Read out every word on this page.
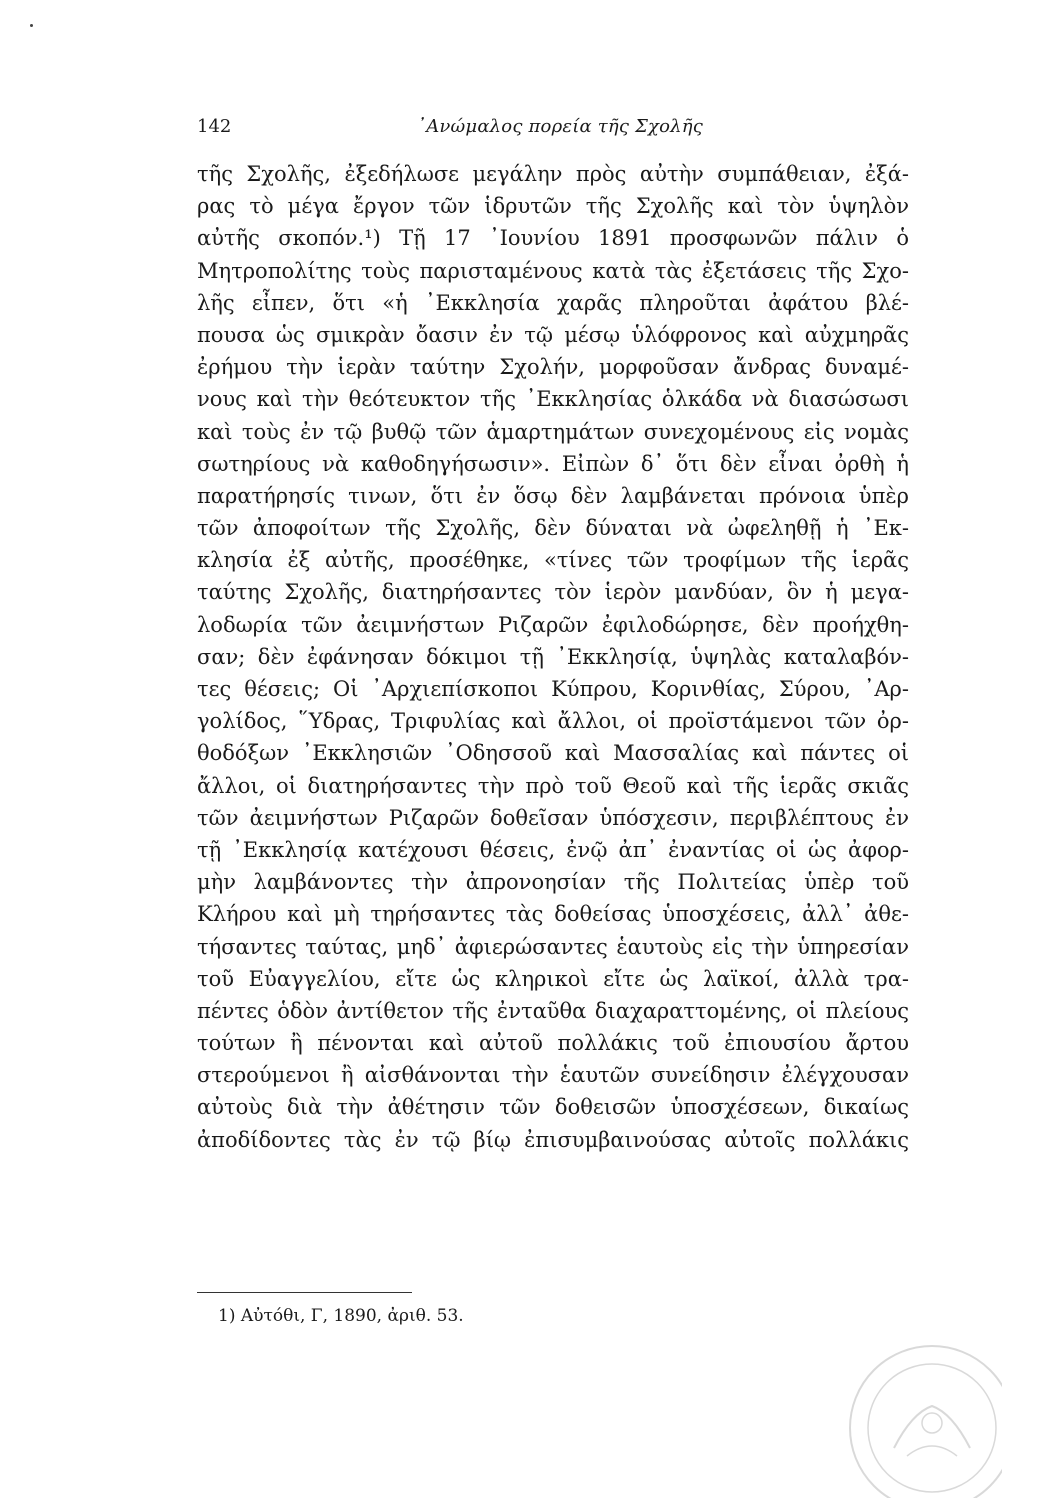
142	᾿Ανώμαλος πορεία τῆς Σχολῆς
τῆς Σχολῆς, ἐξεδήλωσε μεγάλην πρὸς αὐτὴν συμπάθειαν, ἐξά-
ρας τὸ μέγα ἔργον τῶν ἱδρυτῶν τῆς Σχολῆς καὶ τὸν ὑψηλὸν
αὐτῆς σκοπόν.¹) Τῇ 17 ᾿Ιουνίου 1891 προσφωνῶν πάλιν ὁ
Μητροπολίτης τοὺς παρισταμένους κατὰ τὰς ἐξετάσεις τῆς Σχο-
λῆς εἶπεν, ὅτι «ἡ ᾿Εκκλησία χαρᾶς πληροῦται ἀφάτου βλέ-
πουσα ὡς σμικρὰν ὄασιν ἐν τῷ μέσῳ ὑλόφρονος καὶ αὐχμηρᾶς
ἐρήμου τὴν ἱερὰν ταύτην Σχολήν, μορφοῦσαν ἄνδρας δυναμέ-
νους καὶ τὴν θεότευκτον τῆς ᾿Εκκλησίας ὁλκάδα νὰ διασώσωσι
καὶ τοὺς ἐν τῷ βυθῷ τῶν ἁμαρτημάτων συνεχομένους εἰς νομὰς
σωτηρίους νὰ καθοδηγήσωσιν». Εἰπὼν δ᾿ ὅτι δὲν εἶναι ὀρθὴ ἡ
παρατήρησίς τινων, ὅτι ἐν ὅσῳ δὲν λαμβάνεται πρόνοια ὑπὲρ
τῶν ἀποφοίτων τῆς Σχολῆς, δὲν δύναται νὰ ὠφεληθῇ ἡ ᾿Εκ-
κλησία ἐξ αὐτῆς, προσέθηκε, «τίνες τῶν τροφίμων τῆς ἱερᾶς
ταύτης Σχολῆς, διατηρήσαντες τὸν ἱερὸν μανδύαν, ὃν ἡ μεγα-
λοδωρία τῶν ἀειμνήστων Ριζαρῶν ἐφιλοδώρησε, δὲν προήχθη-
σαν; δὲν ἐφάνησαν δόκιμοι τῇ ᾿Εκκλησίᾳ, ὑψηλὰς καταλαβόν-
τες θέσεις; Οἱ ᾿Αρχιεπίσκοποι Κύπρου, Κορινθίας, Σύρου, ᾿Αρ-
γολίδος, ῞Υδρας, Τριφυλίας καὶ ἄλλοι, οἱ προϊστάμενοι τῶν ὀρ-
θοδόξων ᾿Εκκλησιῶν ᾿Οδησσοῦ καὶ Μασσαλίας καὶ πάντες οἱ
ἄλλοι, οἱ διατηρήσαντες τὴν πρὸ τοῦ Θεοῦ καὶ τῆς ἱερᾶς σκιᾶς
τῶν ἀειμνήστων Ριζαρῶν δοθεῖσαν ὑπόσχεσιν, περιβλέπτους ἐν
τῇ ᾿Εκκλησίᾳ κατέχουσι θέσεις, ἐνῷ ἀπ᾿ ἐναντίας οἱ ὡς ἀφορ-
μὴν λαμβάνοντες τὴν ἀπρονοησίαν τῆς Πολιτείας ὑπὲρ τοῦ
Κλήρου καὶ μὴ τηρήσαντες τὰς δοθείσας ὑποσχέσεις, ἀλλ᾿ ἀθε-
τήσαντες ταύτας, μηδ᾿ ἀφιερώσαντες ἑαυτοὺς εἰς τὴν ὑπηρεσίαν
τοῦ Εὐαγγελίου, εἴτε ὡς κληρικοὶ εἴτε ὡς λαϊκοί, ἀλλὰ τρα-
πέντες ὁδὸν ἀντίθετον τῆς ἐνταῦθα διαχαραττομένης, οἱ πλείους
τούτων ἢ πένονται καὶ αὐτοῦ πολλάκις τοῦ ἐπιουσίου ἄρτου
στερούμενοι ἢ αἰσθάνονται τὴν ἑαυτῶν συνείδησιν ἐλέγχουσαν
αὐτοὺς διὰ τὴν ἀθέτησιν τῶν δοθεισῶν ὑποσχέσεων, δικαίως
ἀποδίδοντες τὰς ἐν τῷ βίῳ ἐπισυμβαινούσας αὐτοῖς πολλάκις
1) Αὐτόθι, Γ, 1890, ἀριθ. 53.
